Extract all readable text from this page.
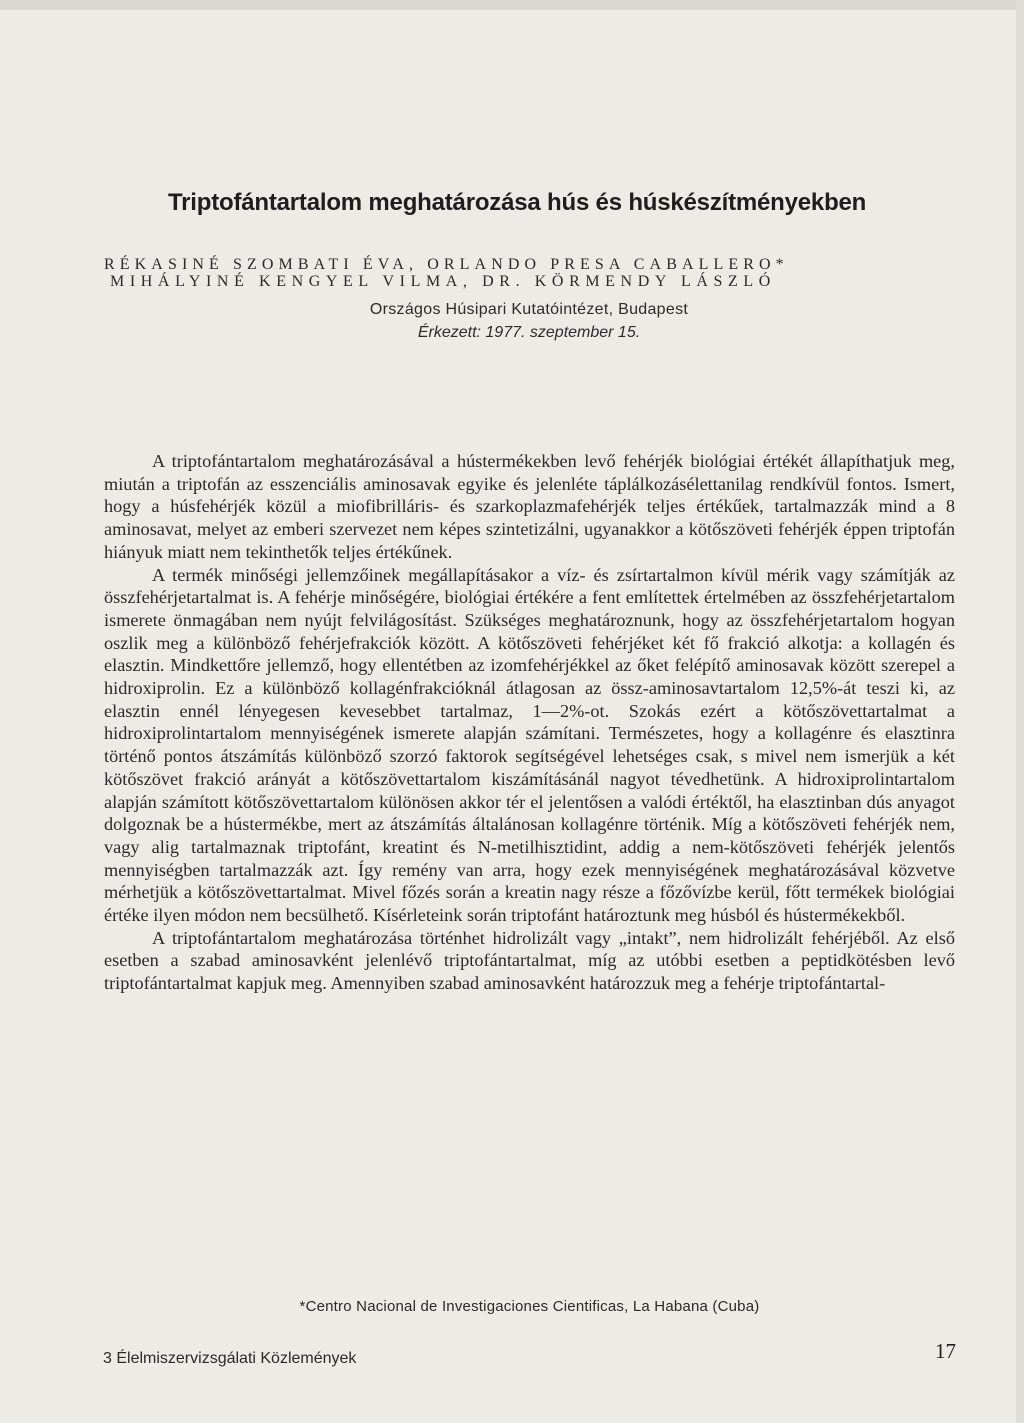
Triptofántartalom meghatározása hús és húskészítményekben
RÉKASINÉ SZOMBATI ÉVA, ORLANDO PRESA CABALLERO*
MIHÁLYINÉ KENGYEL VILMA, DR. KÖRMENDY LÁSZLÓ
Országos Húsipari Kutatóintézet, Budapest
Érkezett: 1977. szeptember 15.

A triptofántartalom meghatározásával a hústermékekben levő fehérjék biológiai értékét állapíthatjuk meg, miután a triptofán az esszenciális aminosavak egyike és jelenléte táplálkozásélettanilag rendkívül fontos. Ismert, hogy a húsfehérjék közül a miofibrilláris- és szarkoplazmafehérjék teljes értékűek, tartalmazzák mind a 8 aminosavat, melyet az emberi szervezet nem képes szintetizálni, ugyanakkor a kötőszöveti fehérjék éppen triptofán hiányuk miatt nem tekinthetők teljes értékűnek.

A termék minőségi jellemzőinek megállapításakor a víz- és zsírtartalmon kívül mérik vagy számítják az összfehérjetartalmat is. A fehérje minőségére, biológiai értékére a fent említettek értelmében az összfehérjetartalom ismerete önmagában nem nyújt felvilágosítást. Szükséges meghatároznunk, hogy az összfehérjetartalom hogyan oszlik meg a különböző fehérjefrakciók között. A kötőszöveti fehérjéket két fő frakció alkotja: a kollagén és elasztin. Mindkettőre jellemző, hogy ellentétben az izomfehérjékkel az őket felépítő aminosavak között szerepel a hidroxiprolin. Ez a különböző kollagénfrakcióknál átlagosan az össz-aminosavtartalom 12,5%-át teszi ki, az elasztin ennél lényegesen kevesebbet tartalmaz, 1—2%-ot. Szokás ezért a kötőszövettartalmat a hidroxiprolintartalom mennyiségének ismerete alapján számítani. Természetes, hogy a kollagénre és elasztinra történő pontos átszámítás különböző szorzó faktorok segítségével lehetséges csak, s mivel nem ismerjük a két kötőszövet frakció arányát a kötőszövettartalom kiszámításánál nagyot tévedhetünk. A hidroxiprolintartalom alapján számított kötőszövettartalom különösen akkor tér el jelentősen a valódi értéktől, ha elasztinban dús anyagot dolgoznak be a hústermékbe, mert az átszámítás általánosan kollagénre történik. Míg a kötőszöveti fehérjék nem, vagy alig tartalmaznak triptofánt, kreatint és N-metilhisztidint, addig a nem-kötőszöveti fehérjék jelentős mennyiségben tartalmazzák azt. Így remény van arra, hogy ezek mennyiségének meghatározásával közvetve mérhetjük a kötőszövettartalmat. Mivel főzés során a kreatin nagy része a főzővízbe kerül, főtt termékek biológiai értéke ilyen módon nem becsülhető. Kísérleteink során triptofánt határoztunk meg húsból és hústermékekből.

A triptofántartalom meghatározása történhet hidrolizált vagy „intakt”, nem hidrolizált fehérjéből. Az első esetben a szabad aminosavként jelenlévő triptofántartalmat, míg az utóbbi esetben a peptidkötésben levő triptofántartalmat kapjuk meg. Amennyiben szabad aminosavként határozzuk meg a fehérje triptofántartal-

*Centro Nacional de Investigaciones Cientificas, La Habana (Cuba)
3 Élelmiszervizsgálati Közlemények	17
